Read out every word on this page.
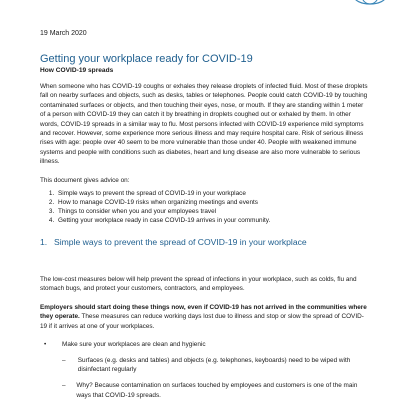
19 March 2020
Getting your workplace ready for COVID-19
How COVID-19 spreads

When someone who has COVID-19 coughs or exhales they release droplets of infected fluid. Most of these droplets fall on nearby surfaces and objects, such as desks, tables or telephones. People could catch COVID-19 by touching contaminated surfaces or objects, and then touching their eyes, nose, or mouth. If they are standing within 1 meter of a person with COVID-19 they can catch it by breathing in droplets coughed out or exhaled by them. In other words, COVID-19 spreads in a similar way to flu. Most persons infected with COVID-19 experience mild symptoms and recover. However, some experience more serious illness and may require hospital care. Risk of serious illness rises with age: people over 40 seem to be more vulnerable than those under 40. People with weakened immune systems and people with conditions such as diabetes, heart and lung disease are also more vulnerable to serious illness.

This document gives advice on:

1. Simple ways to prevent the spread of COVID-19 in your workplace
2. How to manage COVID-19 risks when organizing meetings and events
3. Things to consider when you and your employees travel
4. Getting your workplace ready in case COVID-19 arrives in your community.
1. Simple ways to prevent the spread of COVID-19 in your workplace

The low-cost measures below will help prevent the spread of infections in your workplace, such as colds, flu and stomach bugs, and protect your customers, contractors, and employees.

Employers should start doing these things now, even if COVID-19 has not arrived in the communities where they operate. These measures can reduce working days lost due to illness and stop or slow the spread of COVID-19 if it arrives at one of your workplaces.

•	Make sure your workplaces are clean and hygienic
–	Surfaces (e.g. desks and tables) and objects (e.g. telephones, keyboards) need to be wiped with disinfectant regularly
–	Why? Because contamination on surfaces touched by employees and customers is one of the main ways that COVID-19 spreads.
